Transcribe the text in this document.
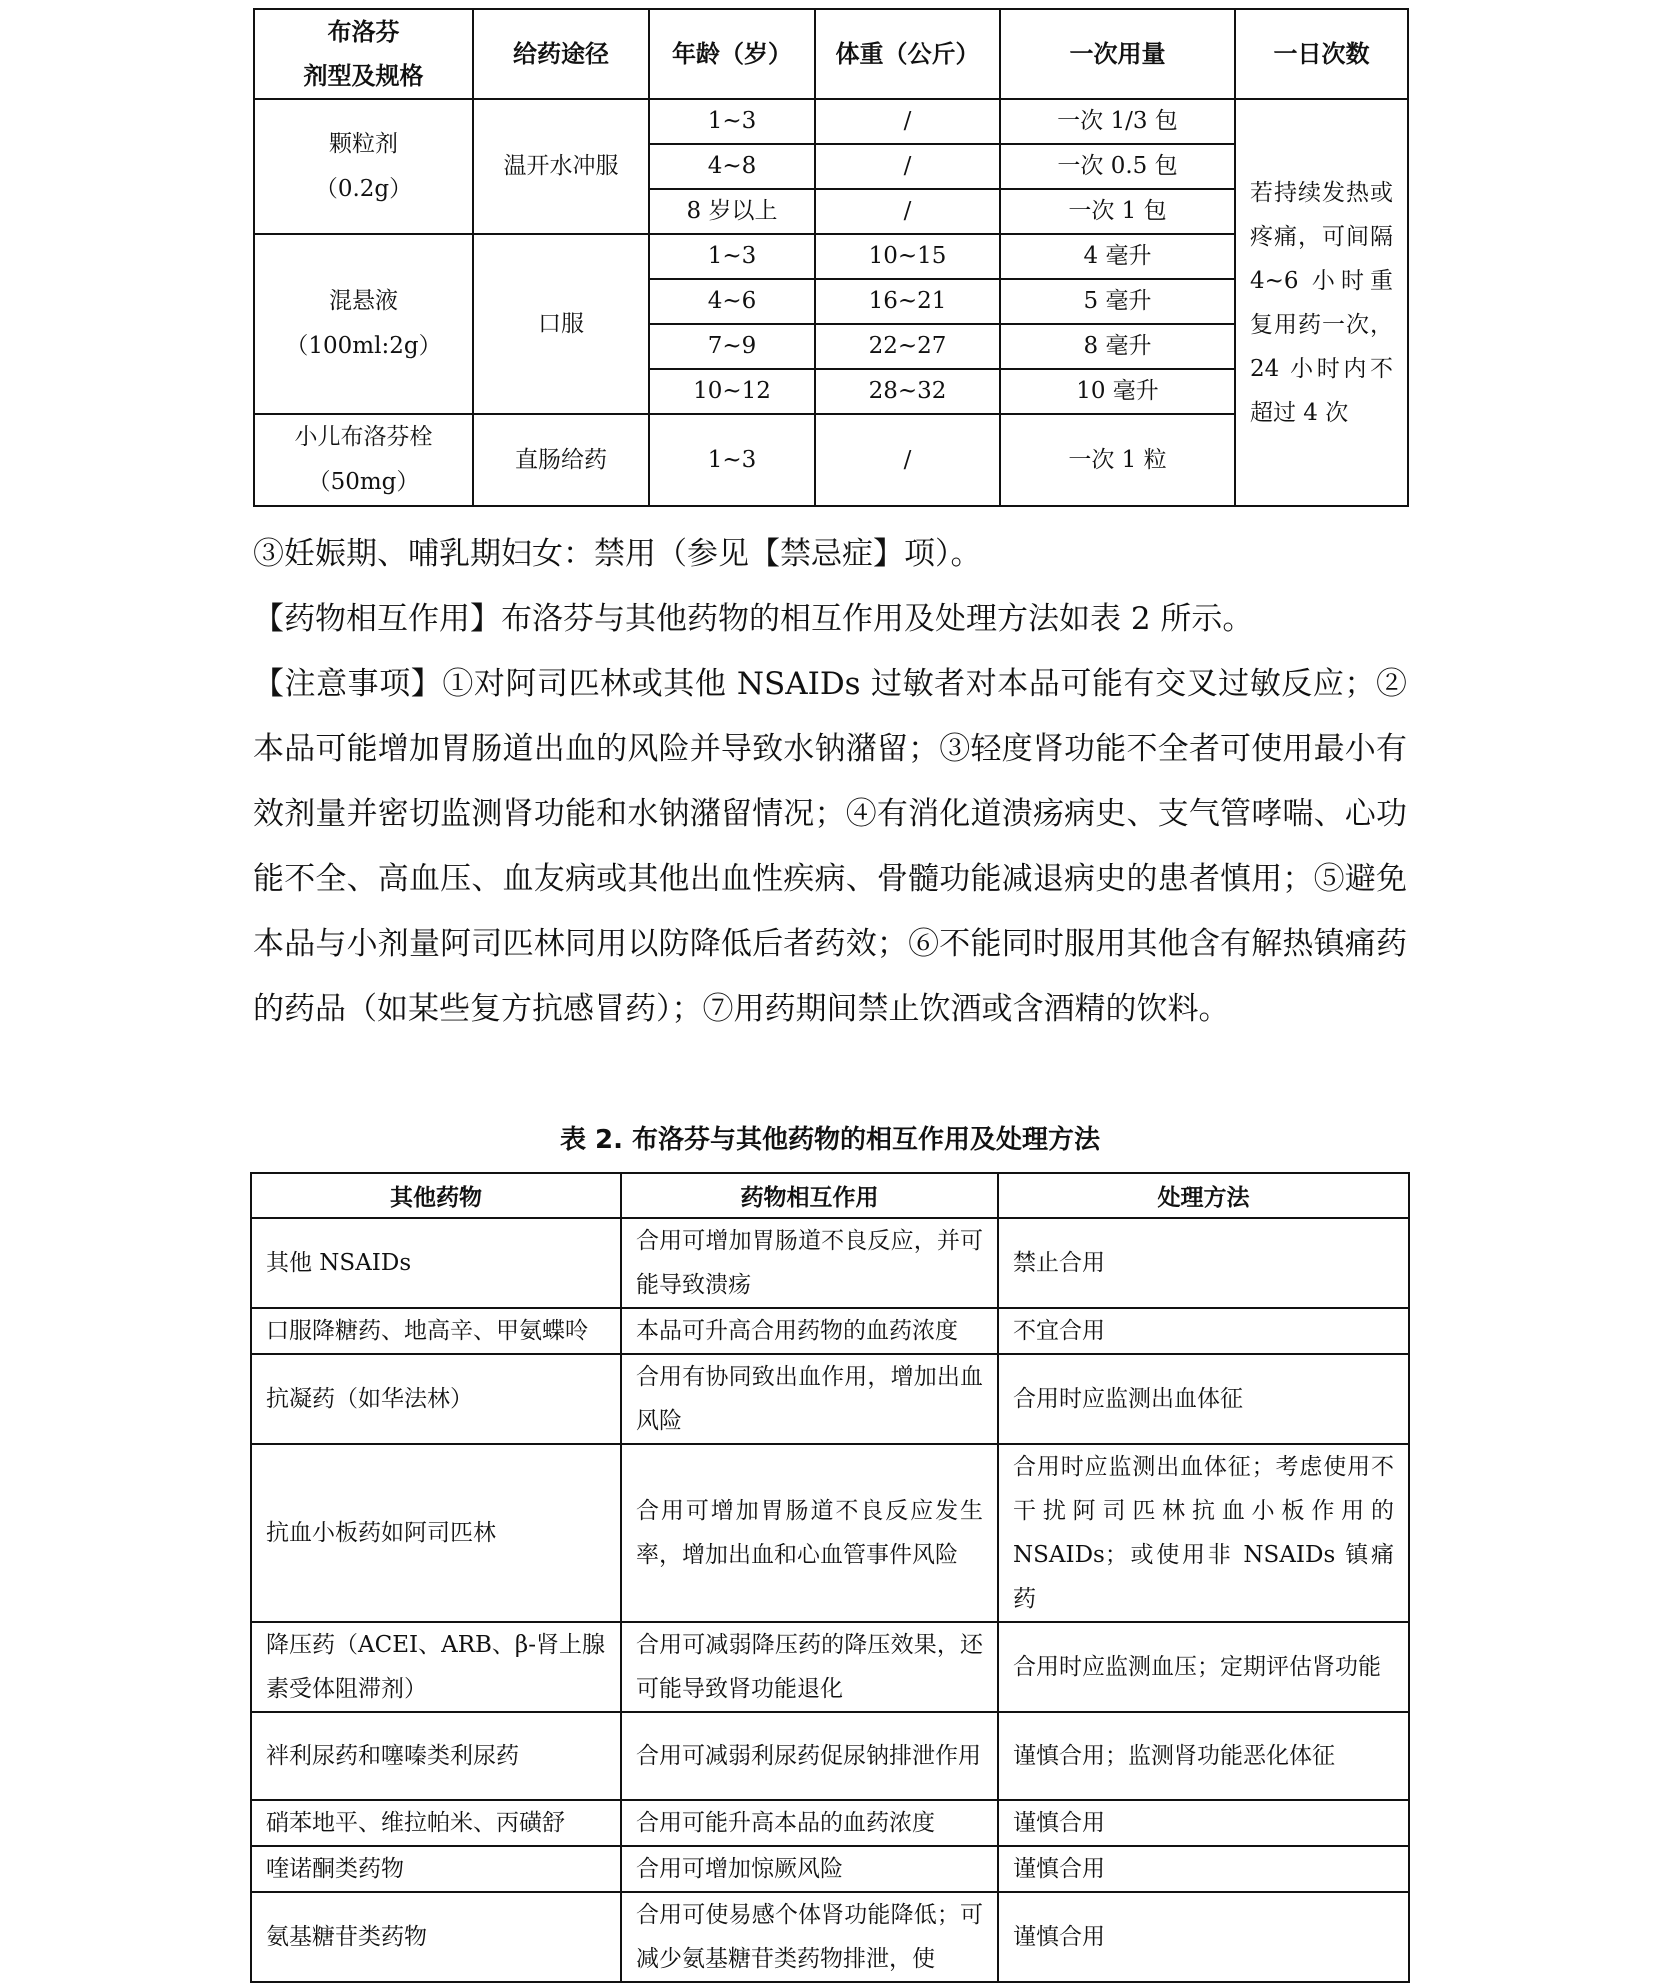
布洛芬
剂型及规格	给药途径	年龄（岁）	体重（公斤）	一次用量	一日次数

颗粒剂
（0.2g）	温开水冲服	1~3	/	一次 1/3 包	若持续发热或疼痛，可间隔 4~6 小时重复用药一次，24 小时内不超过 4 次
		4~8	/	一次 0.5 包	
		8 岁以上	/	一次 1 包	

混悬液
（100ml:2g）	口服	1~3	10~15	4 毫升	
		4~6	16~21	5 毫升	
		7~9	22~27	8 毫升	
		10~12	28~32	10 毫升	

小儿布洛芬栓
（50mg）	直肠给药	1~3	/	一次 1 粒	
③妊娠期、哺乳期妇女：禁用（参见【禁忌症】项）。
【药物相互作用】布洛芬与其他药物的相互作用及处理方法如表 2 所示。
【注意事项】①对阿司匹林或其他 NSAIDs 过敏者对本品可能有交叉过敏反应；②本品可能增加胃肠道出血的风险并导致水钠潴留；③轻度肾功能不全者可使用最小有效剂量并密切监测肾功能和水钠潴留情况；④有消化道溃疡病史、支气管哮喘、心功能不全、高血压、血友病或其他出血性疾病、骨髓功能减退病史的患者慎用；⑤避免本品与小剂量阿司匹林同用以防降低后者药效；⑥不能同时服用其他含有解热镇痛药的药品（如某些复方抗感冒药）；⑦用药期间禁止饮酒或含酒精的饮料。
表 2. 布洛芬与其他药物的相互作用及处理方法
其他药物	药物相互作用	处理方法
其他 NSAIDs	合用可增加胃肠道不良反应，并可能导致溃疡	禁止合用
口服降糖药、地高辛、甲氨蝶呤	本品可升高合用药物的血药浓度	不宜合用
抗凝药（如华法林）	合用有协同致出血作用，增加出血风险	合用时应监测出血体征
抗血小板药如阿司匹林	合用可增加胃肠道不良反应发生率，增加出血和心血管事件风险	合用时应监测出血体征；考虑使用不干扰阿司匹林抗血小板作用的NSAIDs；或使用非 NSAIDs 镇痛药
降压药（ACEI、ARB、β-肾上腺素受体阻滞剂）	合用可减弱降压药的降压效果，还可能导致肾功能退化	合用时应监测血压；定期评估肾功能
袢利尿药和噻嗪类利尿药	合用可减弱利尿药促尿钠排泄作用	谨慎合用；监测肾功能恶化体征
硝苯地平、维拉帕米、丙磺舒	合用可能升高本品的血药浓度	谨慎合用
喹诺酮类药物	合用可增加惊厥风险	谨慎合用
氨基糖苷类药物	合用可使易感个体肾功能降低；可减少氨基糖苷类药物排泄，使	谨慎合用
